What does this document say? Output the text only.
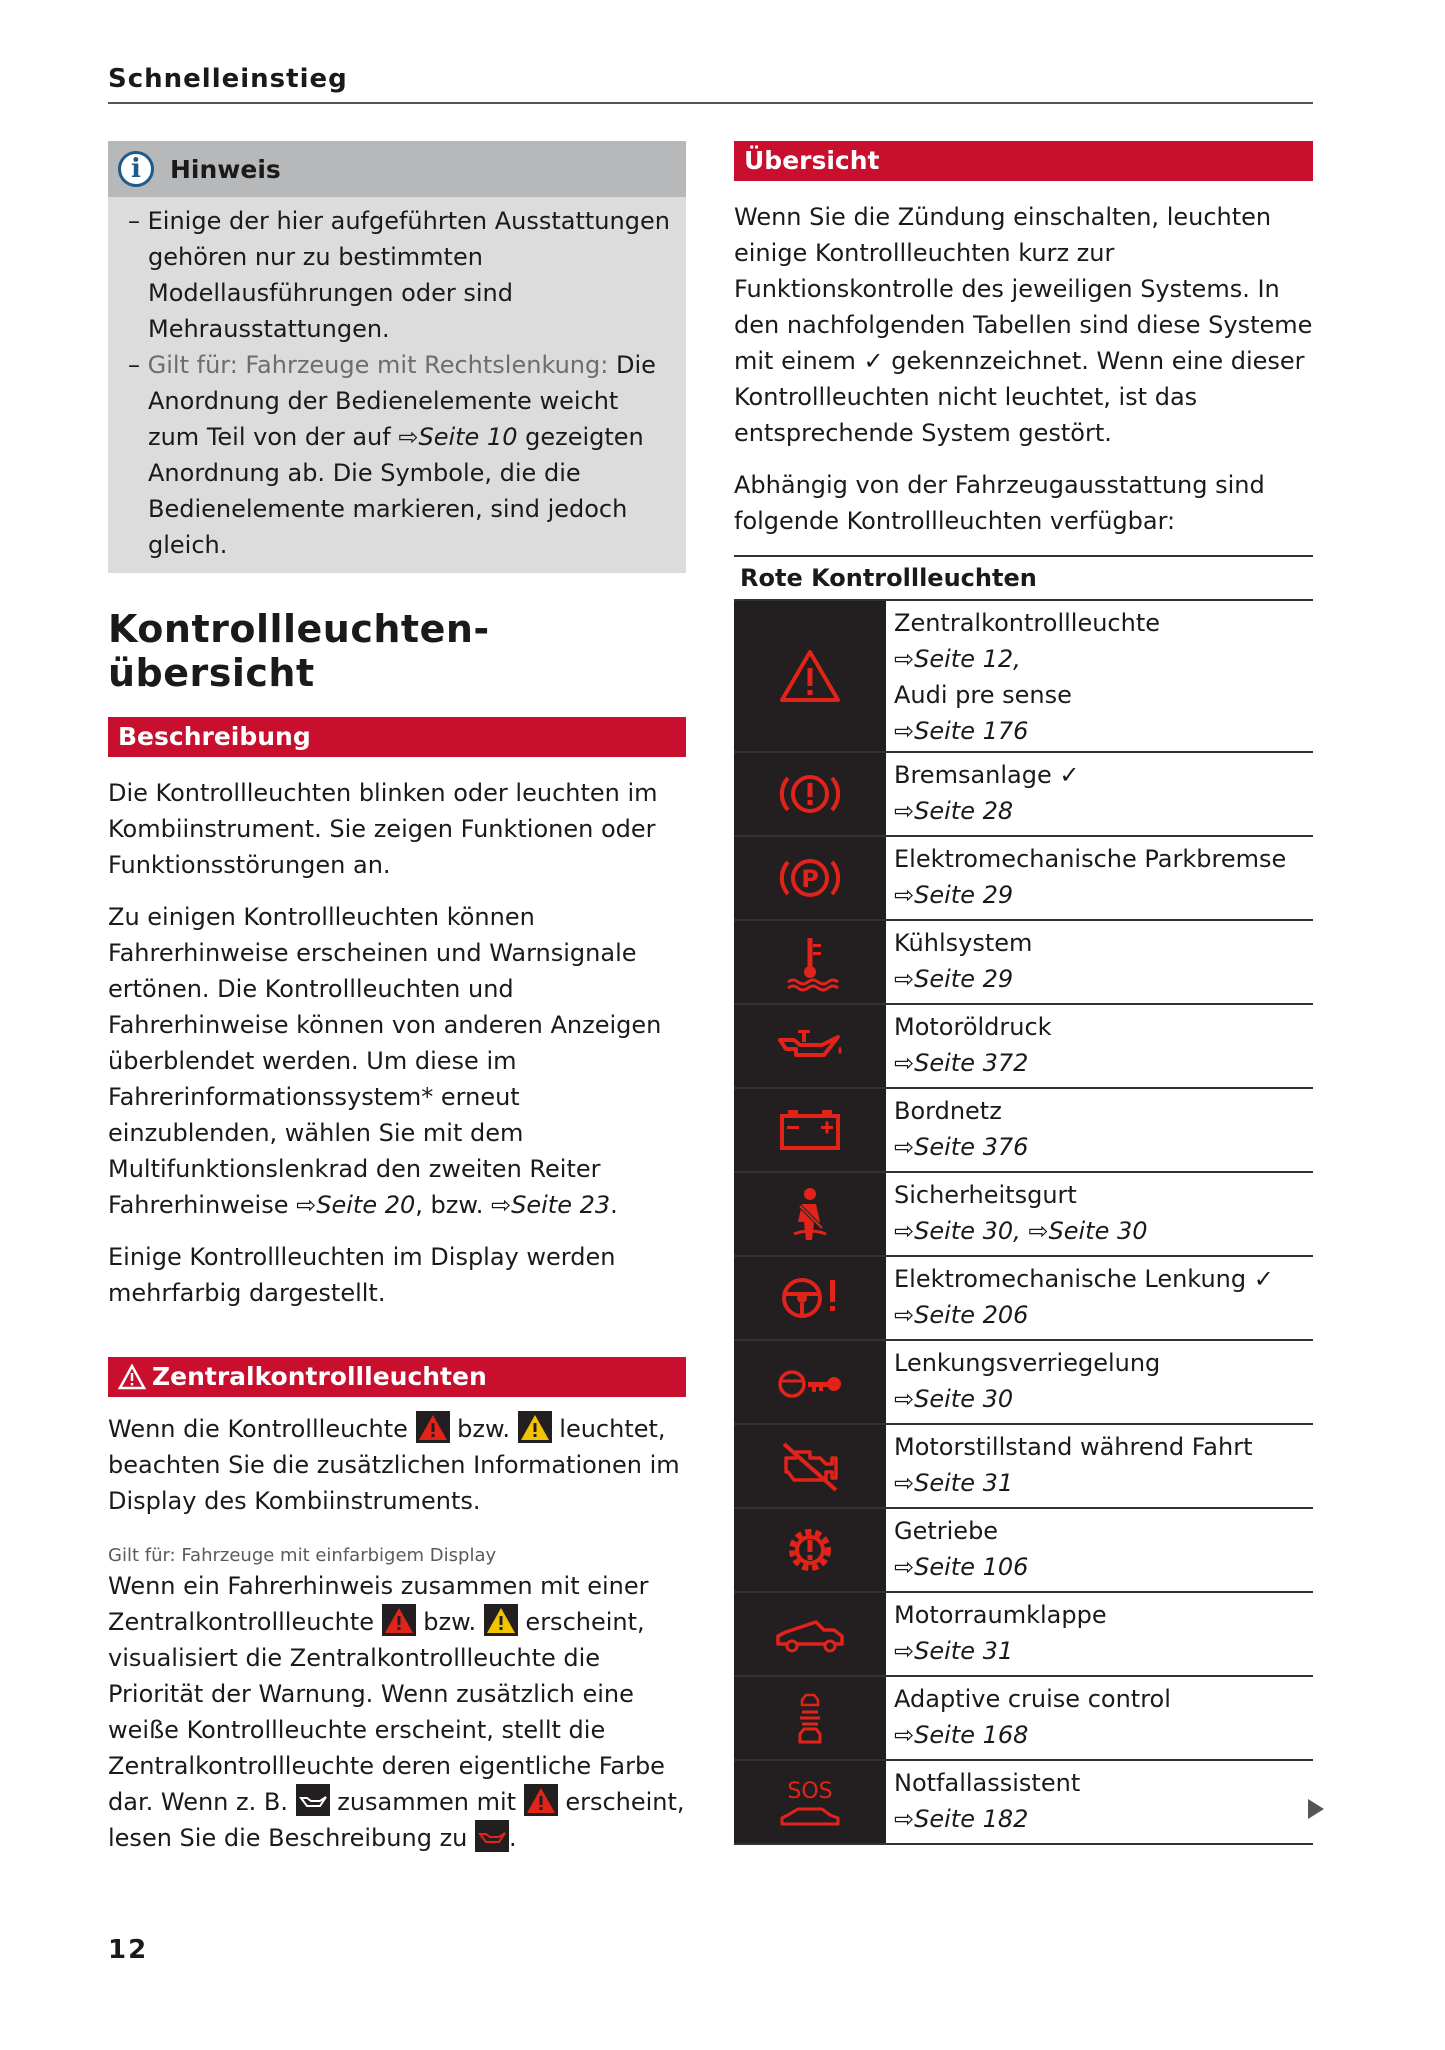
Schnelleinstieg
i	Hinweis
– Einige der hier aufgeführten Ausstattungen gehören nur zu bestimmten Modellausführungen oder sind Mehrausstattungen.
– Gilt für: Fahrzeuge mit Rechtslenkung: Die Anordnung der Bedienelemente weicht zum Teil von der auf ⇨Seite 10 gezeigten Anordnung ab. Die Symbole, die die Bedienelemente markieren, sind jedoch gleich.
Kontrollleuchten-
übersicht
Beschreibung

Die Kontrollleuchten blinken oder leuchten im Kombiinstrument. Sie zeigen Funktionen oder Funktionsstörungen an.

Zu einigen Kontrollleuchten können Fahrerhinweise erscheinen und Warnsignale ertönen. Die Kontrollleuchten und Fahrerhinweise können von anderen Anzeigen überblendet werden. Um diese im Fahrerinformationssystem* erneut einzublenden, wählen Sie mit dem Multifunktionslenkrad den zweiten Reiter Fahrerhinweise ⇨Seite 20, bzw. ⇨Seite 23.

Einige Kontrollleuchten im Display werden mehrfarbig dargestellt.

Zentralkontrollleuchten

Wenn die Kontrollleuchte  bzw.  leuchtet, beachten Sie die zusätzlichen Informationen im Display des Kombiinstruments.

Gilt für: Fahrzeuge mit einfarbigem Display

Wenn ein Fahrerhinweis zusammen mit einer Zentralkontrollleuchte  bzw.  erscheint, visualisiert die Zentralkontrollleuchte die Priorität der Warnung. Wenn zusätzlich eine weiße Kontrollleuchte erscheint, stellt die Zentralkontrollleuchte deren eigentliche Farbe dar. Wenn z. B.  zusammen mit  erscheint, lesen Sie die Beschreibung zu .

Übersicht

Wenn Sie die Zündung einschalten, leuchten einige Kontrollleuchten kurz zur Funktionskontrolle des jeweiligen Systems. In den nachfolgenden Tabellen sind diese Systeme mit einem ✓ gekennzeichnet. Wenn eine dieser Kontrollleuchten nicht leuchtet, ist das entsprechende System gestört.

Abhängig von der Fahrzeugausstattung sind folgende Kontrollleuchten verfügbar:

Rote Kontrollleuchten
Zentralkontrollleuchte
⇨Seite 12,
Audi pre sense
⇨Seite 176
Bremsanlage ✓
⇨Seite 28
P
Elektromechanische Parkbremse
⇨Seite 29
Kühlsystem
⇨Seite 29
Motoröldruck
⇨Seite 372
Bordnetz
⇨Seite 376
Sicherheitsgurt
⇨Seite 30, ⇨Seite 30
Elektromechanische Lenkung ✓
⇨Seite 206
Lenkungsverriegelung
⇨Seite 30
Motorstillstand während Fahrt
⇨Seite 31
Getriebe
⇨Seite 106
Motorraumklappe
⇨Seite 31
Adaptive cruise control
⇨Seite 168
SOS	Notfallassistent
⇨Seite 182
12
